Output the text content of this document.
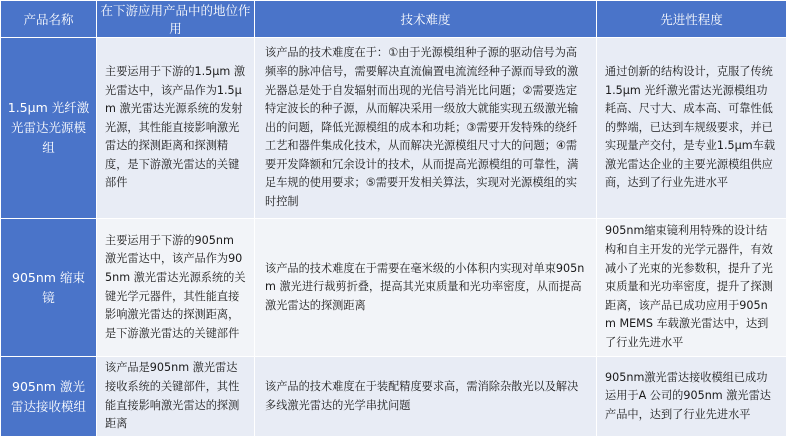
产品名称	在下游应用产品中的地位作用	技术难度	先进性程度
1.5μm 光纤激光雷达光源模组	主要运用于下游的1.5μm 激光雷达中，该产品作为1.5μm 激光雷达光源系统的发射光源，其性能直接影响激光雷达的探测距离和探测精度，是下游激光雷达的关键部件	该产品的技术难度在于：①由于光源模组种子源的驱动信号为高频率的脉冲信号，需要解决直流偏置电流流经种子源而导致的激光器总是处于自发辐射而出现的光信号消光比问题；②需要选定特定波长的种子源，从而解决采用一级放大就能实现五级激光输出的问题，降低光源模组的成本和功耗；③需要开发特殊的绕纤工艺和器件集成化技术，从而解决光源模组尺寸大的问题；④需要开发降额和冗余设计的技术，从而提高光源模组的可靠性，满足车规的使用要求；⑤需要开发相关算法，实现对光源模组的实时控制	通过创新的结构设计，克服了传统1.5μm 光纤激光雷达光源模组功耗高、尺寸大、成本高、可靠性低的弊端，已达到车规级要求，并已实现量产交付，是专业1.5μm车载激光雷达企业的主要光源模组供应商，达到了行业先进水平

905nm 缩束镜	主要运用于下游的905nm 激光雷达中，该产品作为905nm 激光雷达光源系统的关键光学元器件，其性能直接影响激光雷达的探测距离，是下游激光雷达的关键部件	该产品的技术难度在于需要在毫米级的小体积内实现对单束905nm 激光进行裁剪折叠，提高其光束质量和光功率密度，从而提高激光雷达的探测距离	905nm缩束镜利用特殊的设计结构和自主开发的光学元器件，有效减小了光束的光参数积，提升了光束质量和光功率密度，提升了探测距离，该产品已成功应用于905nm MEMS 车载激光雷达中，达到了行业先进水平

905nm 激光雷达接收模组	该产品是905nm 激光雷达接收系统的关键部件，其性能直接影响激光雷达的探测距离	该产品的技术难度在于装配精度要求高，需消除杂散光以及解决多线激光雷达的光学串扰问题	905nm激光雷达接收模组已成功运用于A 公司的905nm 激光雷达产品中，达到了行业先进水平
